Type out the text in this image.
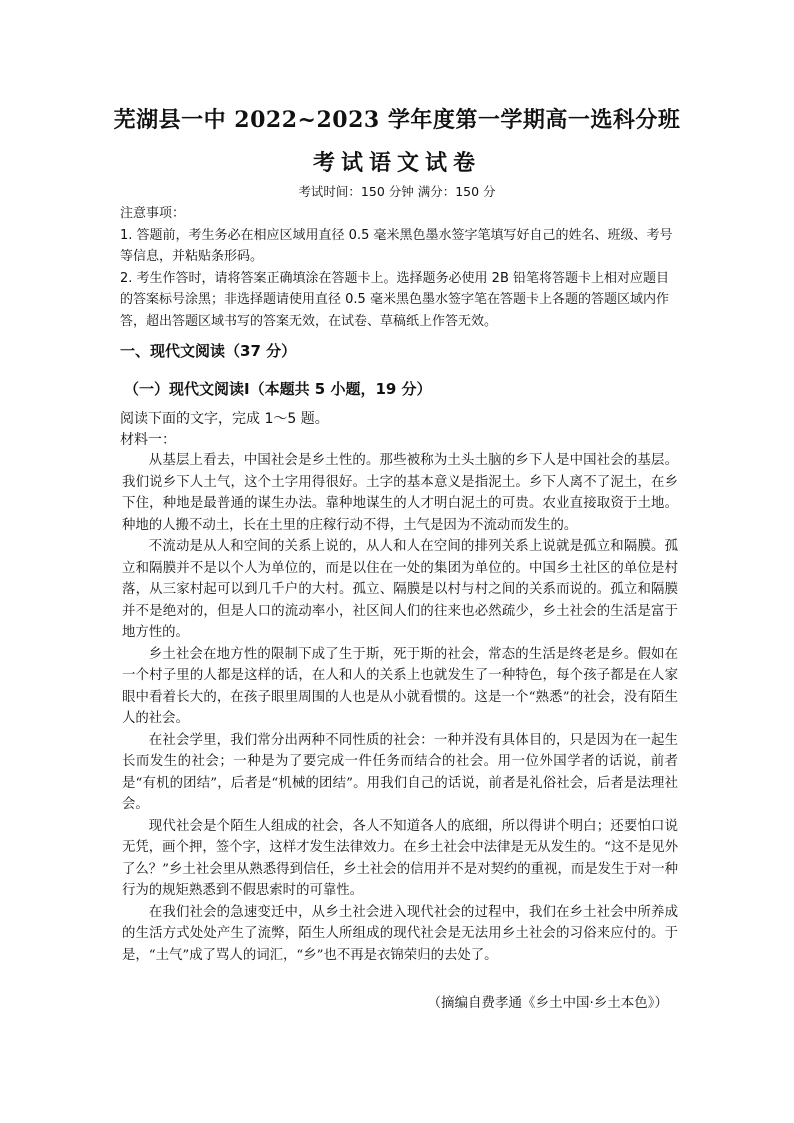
芜湖县一中 2022~2023 学年度第一学期高一选科分班
考试语文试卷
考试时间：150 分钟 满分：150 分

注意事项：

1. 答题前，考生务必在相应区域用直径 0.5 毫米黑色墨水签字笔填写好自己的姓名、班级、考号等信息，并粘贴条形码。

2. 考生作答时，请将答案正确填涂在答题卡上。选择题务必使用 2B 铅笔将答题卡上相对应题目的答案标号涂黑；非选择题请使用直径 0.5 毫米黑色墨水签字笔在答题卡上各题的答题区域内作答，超出答题区域书写的答案无效，在试卷、草稿纸上作答无效。

一、现代文阅读（37 分）
（一）现代文阅读Ⅰ（本题共 5 小题，19 分）
阅读下面的文字，完成 1～5 题。
材料一：

从基层上看去，中国社会是乡土性的。那些被称为土头土脑的乡下人是中国社会的基层。我们说乡下人土气，这个土字用得很好。土字的基本意义是指泥土。乡下人离不了泥土，在乡下住，种地是最普通的谋生办法。靠种地谋生的人才明白泥土的可贵。农业直接取资于土地。种地的人搬不动土，长在土里的庄稼行动不得，土气是因为不流动而发生的。

不流动是从人和空间的关系上说的，从人和人在空间的排列关系上说就是孤立和隔膜。孤立和隔膜并不是以个人为单位的，而是以住在一处的集团为单位的。中国乡土社区的单位是村落，从三家村起可以到几千户的大村。孤立、隔膜是以村与村之间的关系而说的。孤立和隔膜并不是绝对的，但是人口的流动率小，社区间人们的往来也必然疏少，乡土社会的生活是富于地方性的。

乡土社会在地方性的限制下成了生于斯，死于斯的社会，常态的生活是终老是乡。假如在一个村子里的人都是这样的话，在人和人的关系上也就发生了一种特色，每个孩子都是在人家眼中看着长大的，在孩子眼里周围的人也是从小就看惯的。这是一个“熟悉”的社会，没有陌生人的社会。

在社会学里，我们常分出两种不同性质的社会：一种并没有具体目的，只是因为在一起生长而发生的社会；一种是为了要完成一件任务而结合的社会。用一位外国学者的话说，前者是“有机的团结”，后者是“机械的团结”。用我们自己的话说，前者是礼俗社会，后者是法理社会。

现代社会是个陌生人组成的社会，各人不知道各人的底细，所以得讲个明白；还要怕口说无凭，画个押，签个字，这样才发生法律效力。在乡土社会中法律是无从发生的。“这不是见外了么？”乡土社会里从熟悉得到信任，乡土社会的信用并不是对契约的重视，而是发生于对一种行为的规矩熟悉到不假思索时的可靠性。

在我们社会的急速变迁中，从乡土社会进入现代社会的过程中，我们在乡土社会中所养成的生活方式处处产生了流弊，陌生人所组成的现代社会是无法用乡土社会的习俗来应付的。于是，“土气”成了骂人的词汇，“乡”也不再是衣锦荣归的去处了。

（摘编自费孝通《乡土中国·乡土本色》）
